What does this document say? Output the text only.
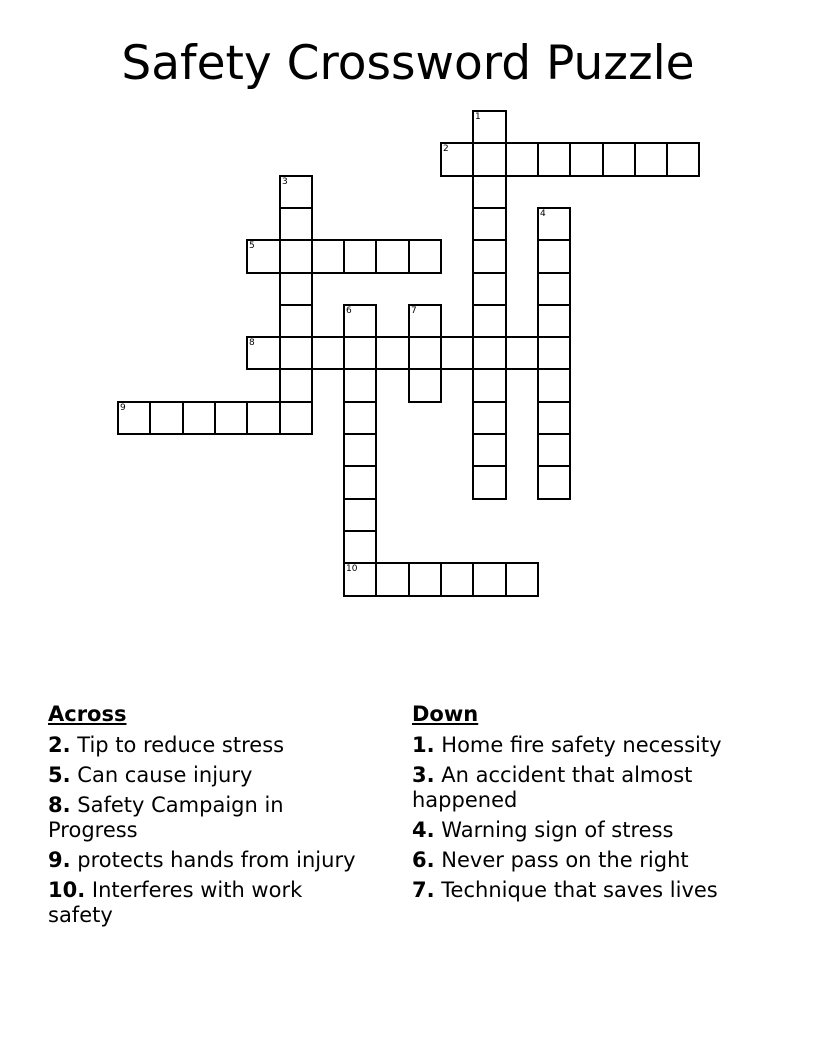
Safety Crossword Puzzle
1
2
3
4
5
6
10
7
8
9
Across
2. Tip to reduce stress
5. Can cause injury
8. Safety Campaign in Progress
9. protects hands from injury
10. Interferes with work safety
Down
1. Home fire safety necessity
3. An accident that almost happened
4. Warning sign of stress
6. Never pass on the right
7. Technique that saves lives
